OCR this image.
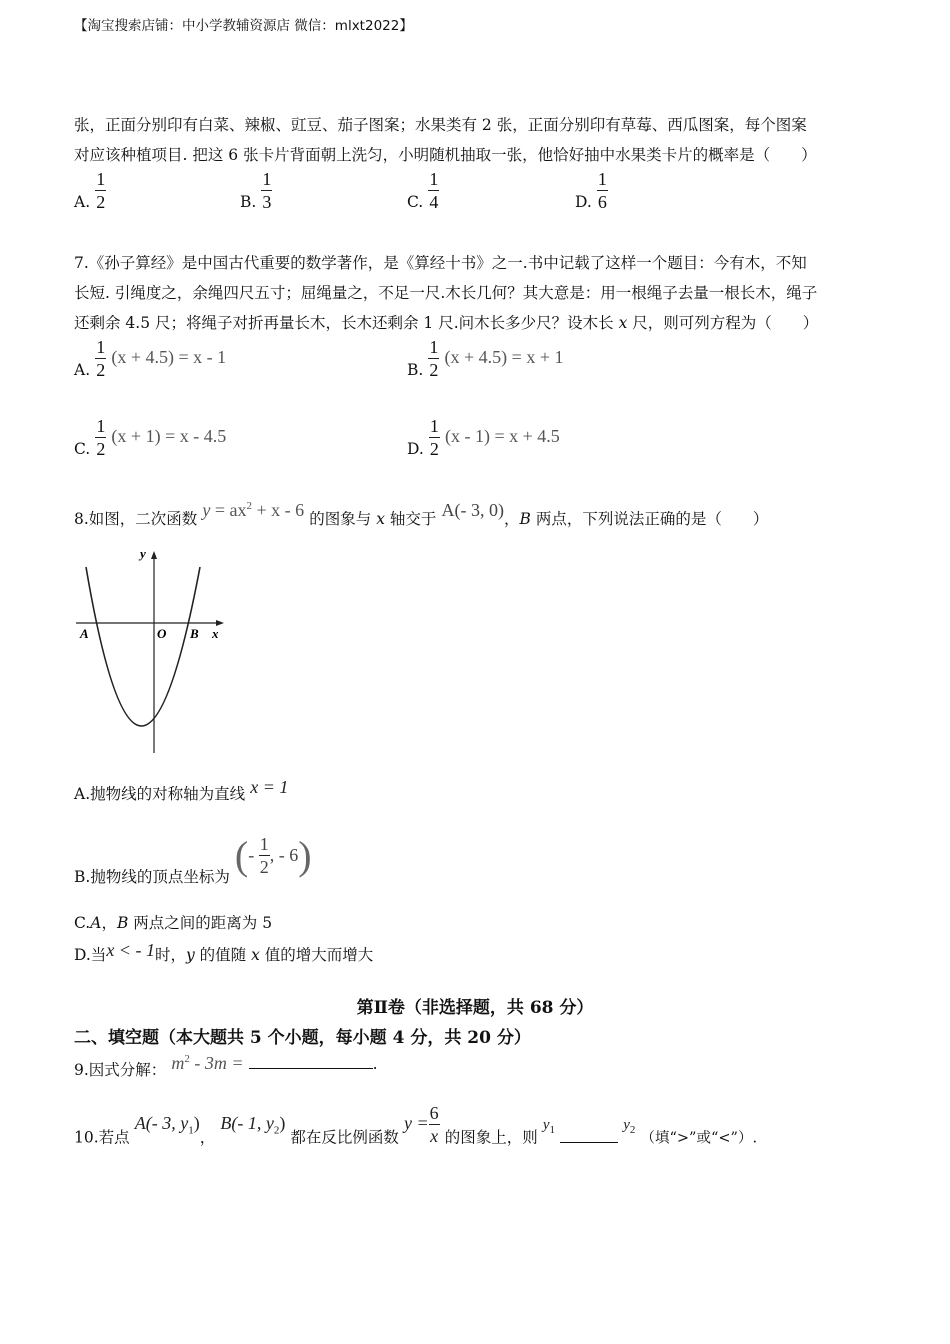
【淘宝搜索店铺：中小学教辅资源店 微信：mlxt2022】
张，正面分别印有白菜、辣椒、豇豆、茄子图案；水果类有 2 张，正面分别印有草莓、西瓜图案，每个图案
对应该种植项目. 把这 6 张卡片背面朝上洗匀，小明随机抽取一张，他恰好抽中水果类卡片的概率是（　　）
A. $\frac{1}{2}$	B. $\frac{1}{3}$	C. $\frac{1}{4}$	D. $\frac{1}{6}$
7.《孙子算经》是中国古代重要的数学著作，是《算经十书》之一.书中记载了这样一个题目：今有木，不知
长短. 引绳度之，余绳四尺五寸；屈绳量之，不足一尺.木长几何？其大意是：用一根绳子去量一根长木，绳子
还剩余 4.5 尺；将绳子对折再量长木，长木还剩余 1 尺.问木长多少尺？设木长 x 尺，则可列方程为（　　）
A. $\frac{1}{2} (x + 4.5) = x - 1$
B. $\frac{1}{2} (x + 4.5) = x + 1$
C. $\frac{1}{2} (x + 1) = x - 4.5$
D. $\frac{1}{2} (x - 1) = x + 4.5$
8.如图，二次函数 $y = ax^2 + x - 6$ 的图象与 x 轴交于 A(- 3, 0)，B 两点，下列说法正确的是（　　）
y
x
A	O B
A.抛物线的对称轴为直线 x = 1
B.抛物线的顶点坐标为 (- $\frac{1}{2}$ , - 6)
C.A，B 两点之间的距离为 5
D.当x < - 1时，y 的值随 x 值的增大而增大
第Ⅱ卷（非选择题，共 68 分）
二、填空题（本大题共 5 个小题，每小题 4 分，共 20 分）
9.因式分解： $m^2 - 3m$ =	.
10.若点 A(- 3, $y_1$)， B(- 1, $y_2$) 都在反比例函数 $y = \frac{6}{x}$ 的图象上，则 $y_1$	$y_2$ （填“>”或“<”）.
